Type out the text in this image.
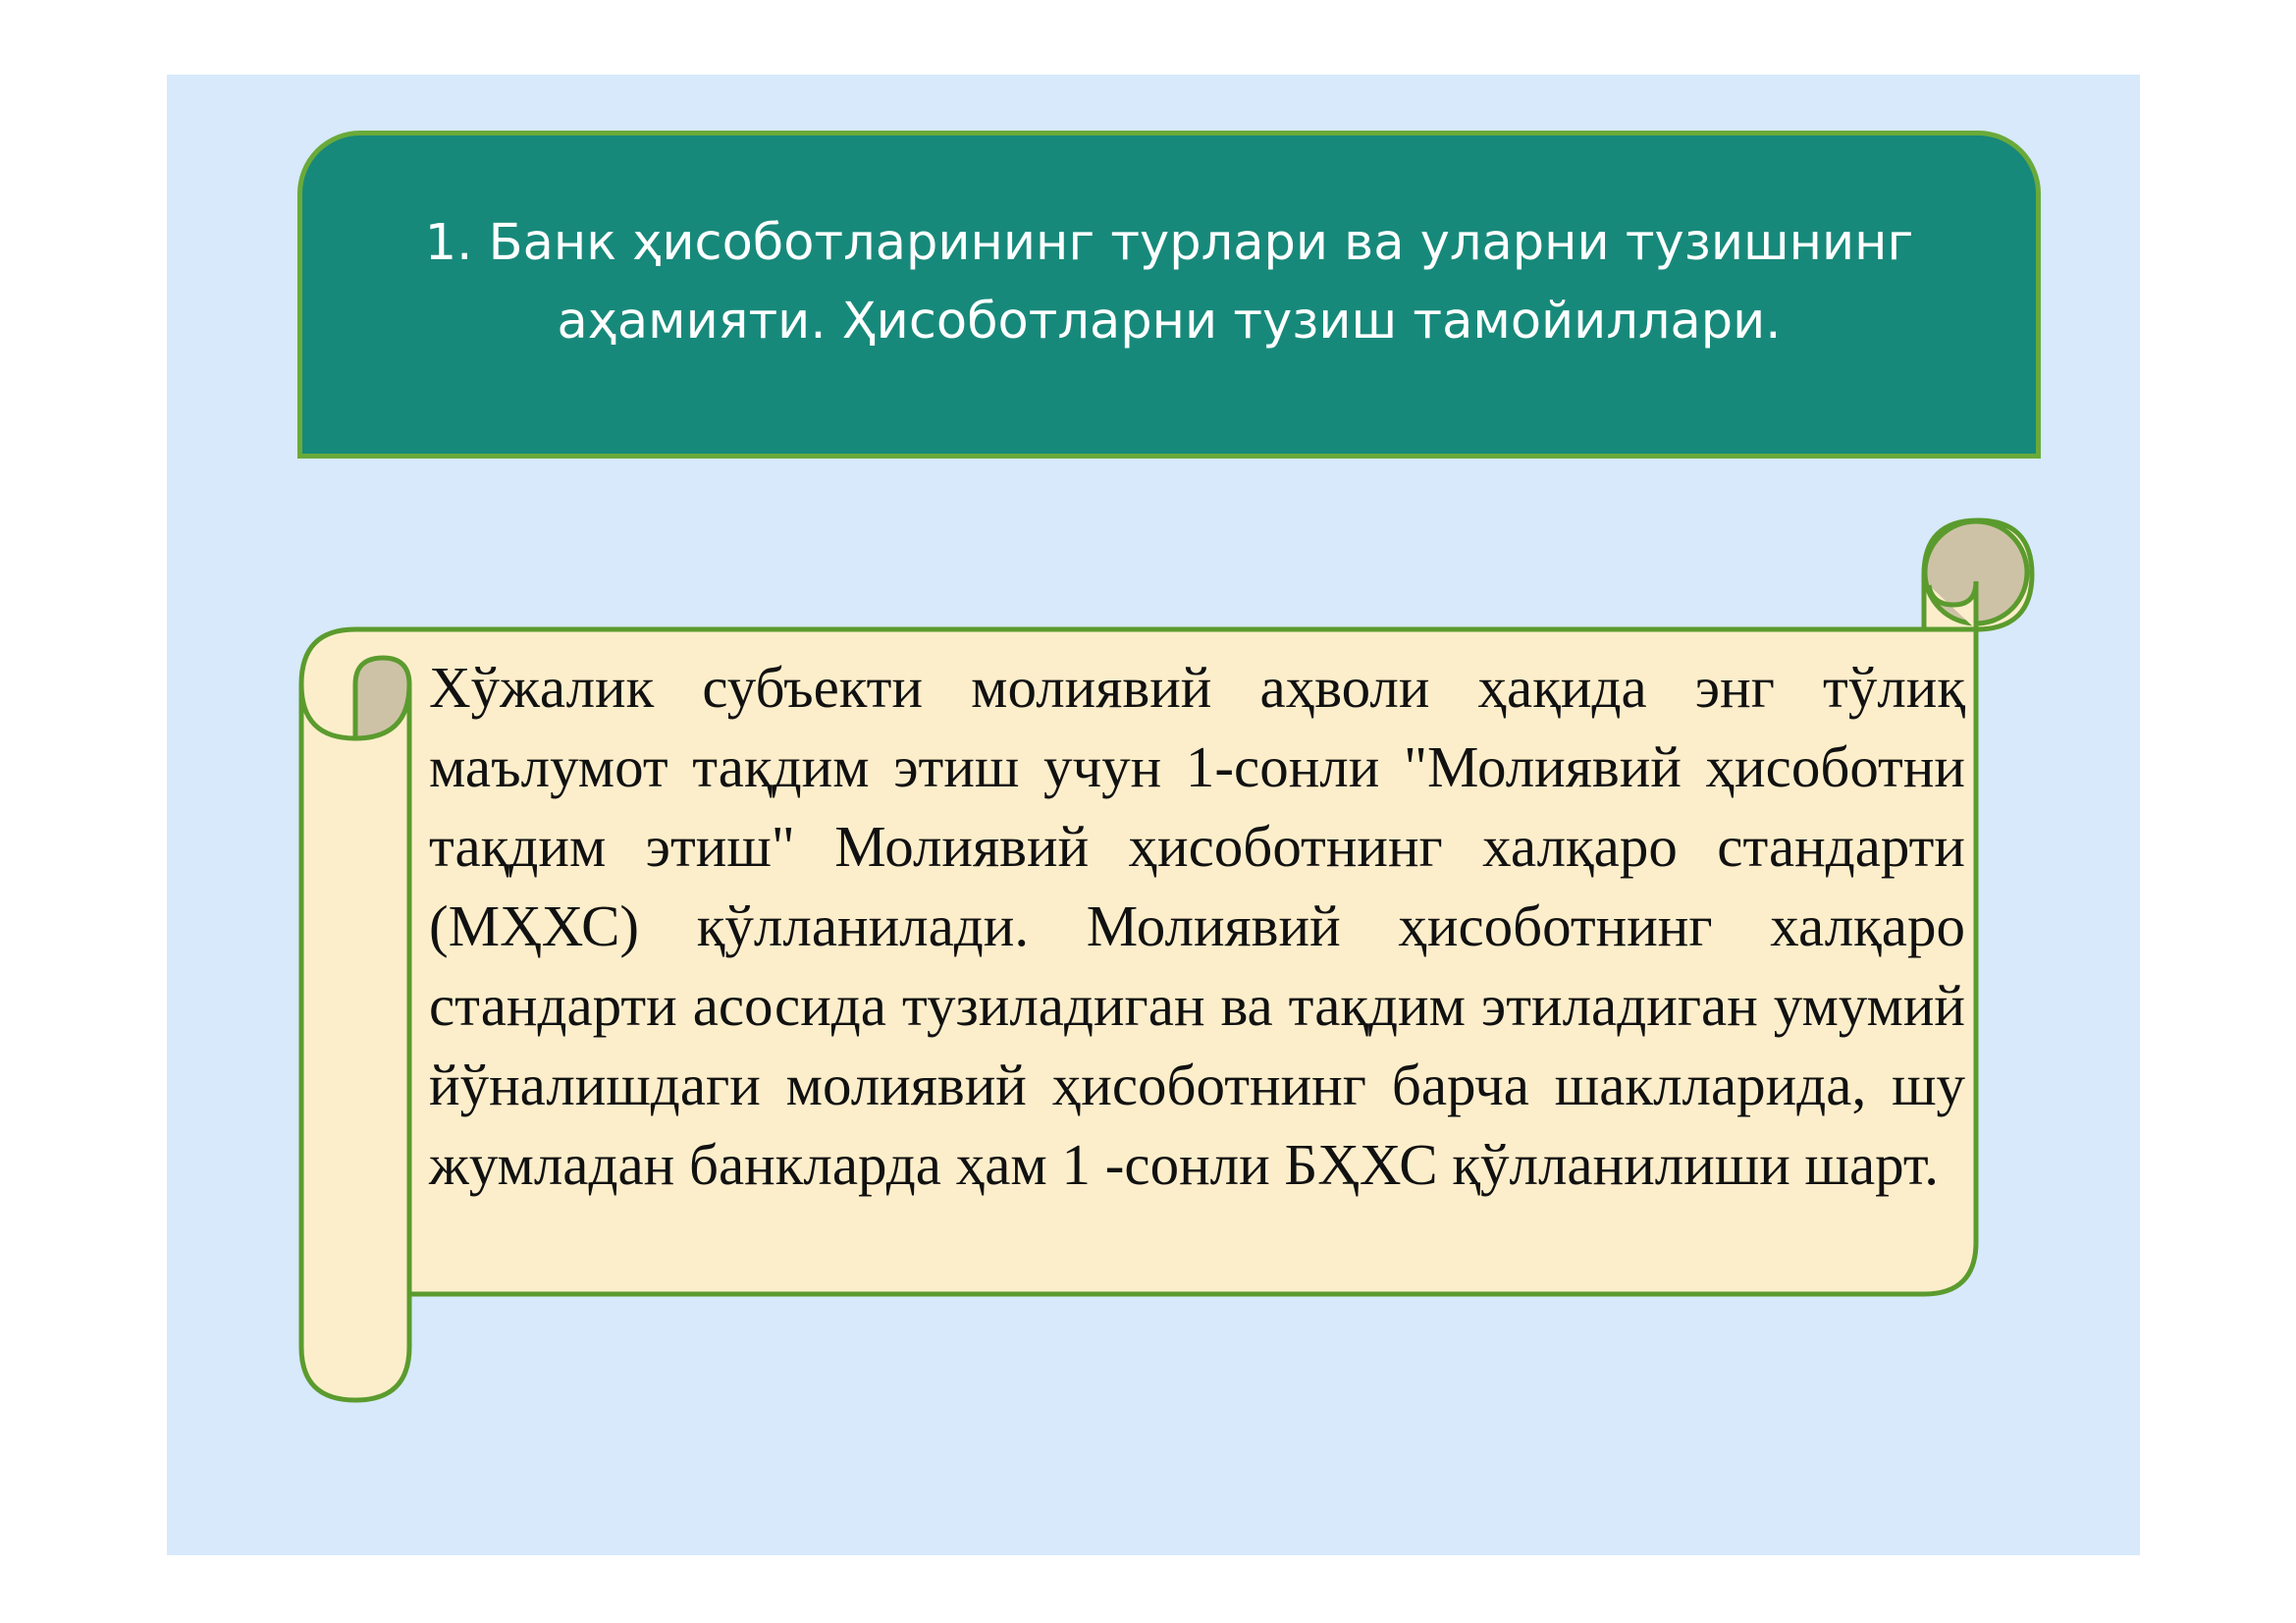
1. Банк ҳисоботларининг турлари ва уларни тузишнинг аҳамияти. Ҳисоботларни тузиш тамойиллари.
Хўжалик субъекти молиявий аҳволи ҳақида энг тўлиқ маълумот тақдим этиш учун 1-сонли "Молиявий ҳисоботни тақдим этиш" Молиявий ҳисоботнинг халқаро стандарти (МҲХС) қўлланилади. Молиявий ҳисоботнинг халқаро стандарти асосида тузиладиган ва тақдим этиладиган умумий йўналишдаги молиявий ҳисоботнинг барча шаклларида, шу жумладан банкларда ҳам 1 -сонли БҲХС қўлланилиши шарт.
